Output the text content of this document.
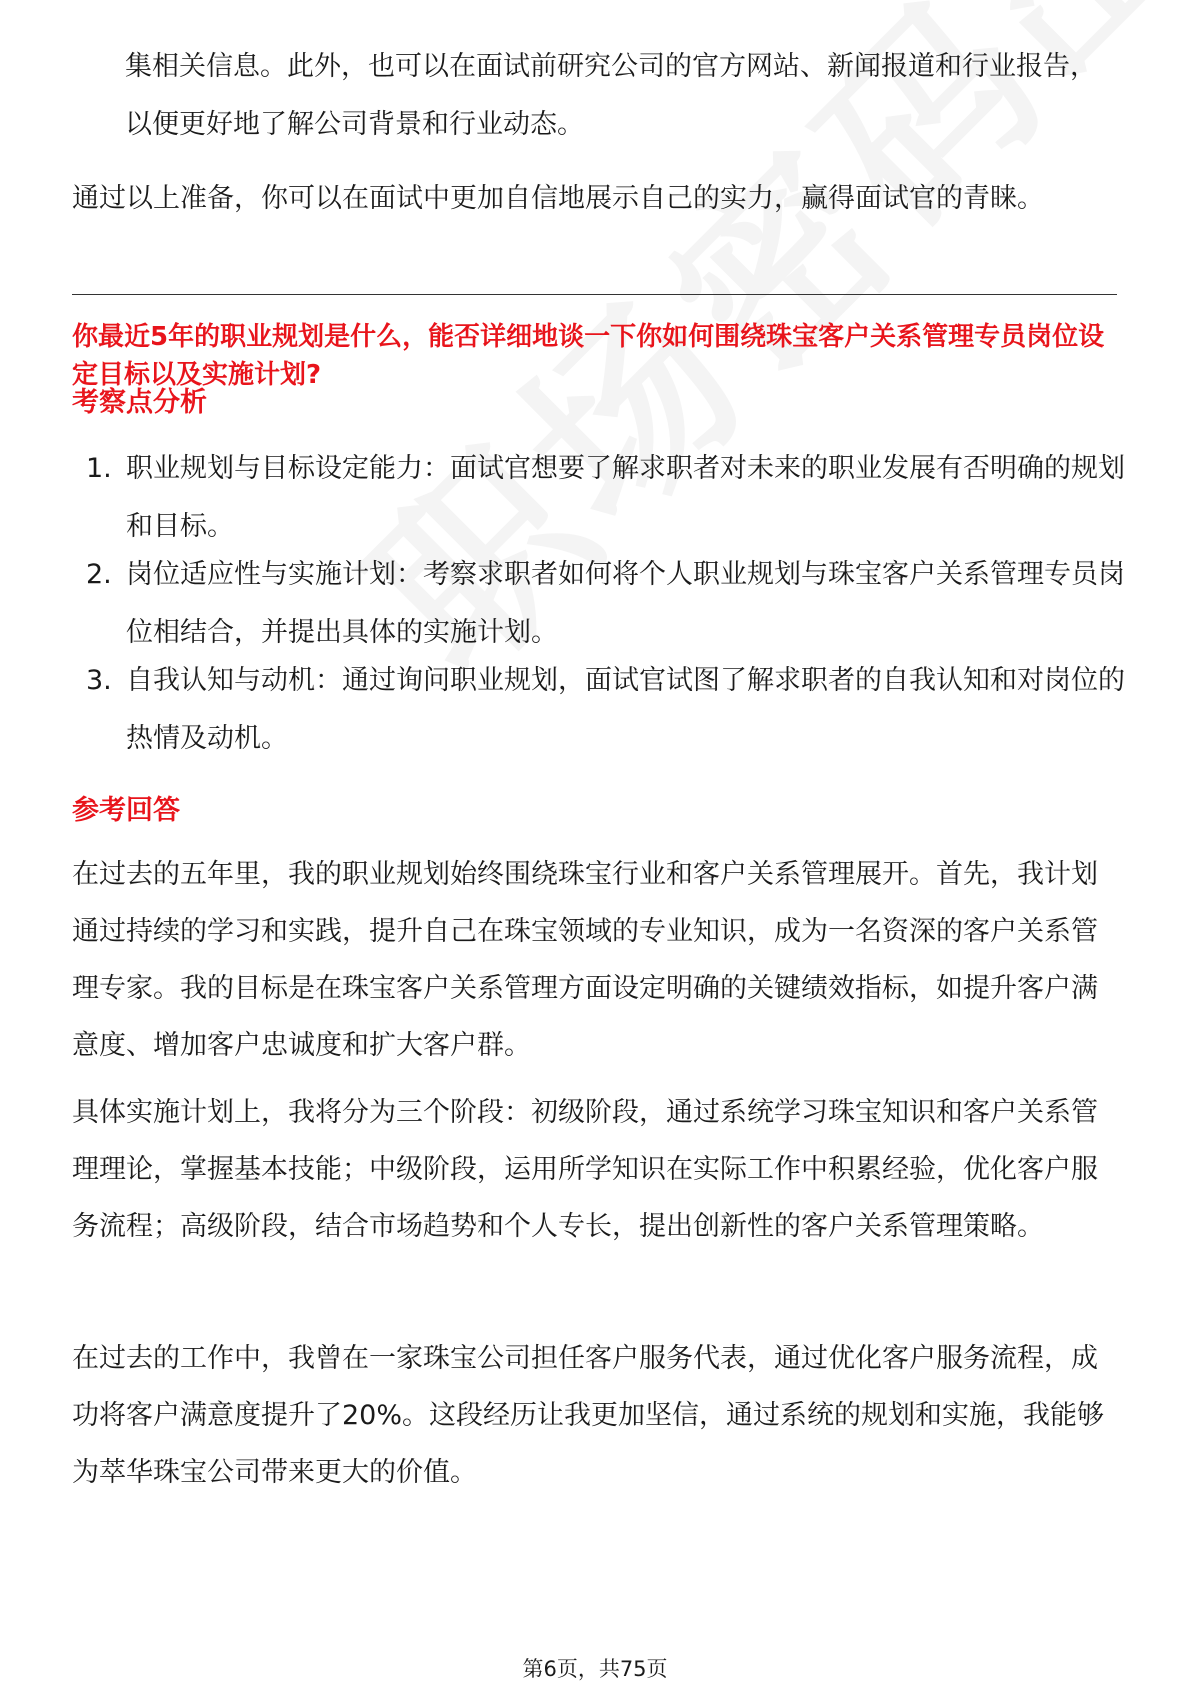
集相关信息。此外，也可以在面试前研究公司的官方网站、新闻报道和行业报告，以便更好地了解公司背景和行业动态。

通过以上准备，你可以在面试中更加自信地展示自己的实力，赢得面试官的青睐。

你最近5年的职业规划是什么，能否详细地谈一下你如何围绕珠宝客户关系管理专员岗位设定目标以及实施计划?

考察点分析

1. 职业规划与目标设定能力：面试官想要了解求职者对未来的职业发展有否明确的规划和目标。
2. 岗位适应性与实施计划：考察求职者如何将个人职业规划与珠宝客户关系管理专员岗位相结合，并提出具体的实施计划。
3. 自我认知与动机：通过询问职业规划，面试官试图了解求职者的自我认知和对岗位的热情及动机。

参考回答

在过去的五年里，我的职业规划始终围绕珠宝行业和客户关系管理展开。首先，我计划通过持续的学习和实践，提升自己在珠宝领域的专业知识，成为一名资深的客户关系管理专家。我的目标是在珠宝客户关系管理方面设定明确的关键绩效指标，如提升客户满意度、增加客户忠诚度和扩大客户群。

具体实施计划上，我将分为三个阶段：初级阶段，通过系统学习珠宝知识和客户关系管理理论，掌握基本技能；中级阶段，运用所学知识在实际工作中积累经验，优化客户服务流程；高级阶段，结合市场趋势和个人专长，提出创新性的客户关系管理策略。

在过去的工作中，我曾在一家珠宝公司担任客户服务代表，通过优化客户服务流程，成功将客户满意度提升了20%。这段经历让我更加坚信，通过系统的规划和实施，我能够为萃华珠宝公司带来更大的价值。

第6页，共75页
